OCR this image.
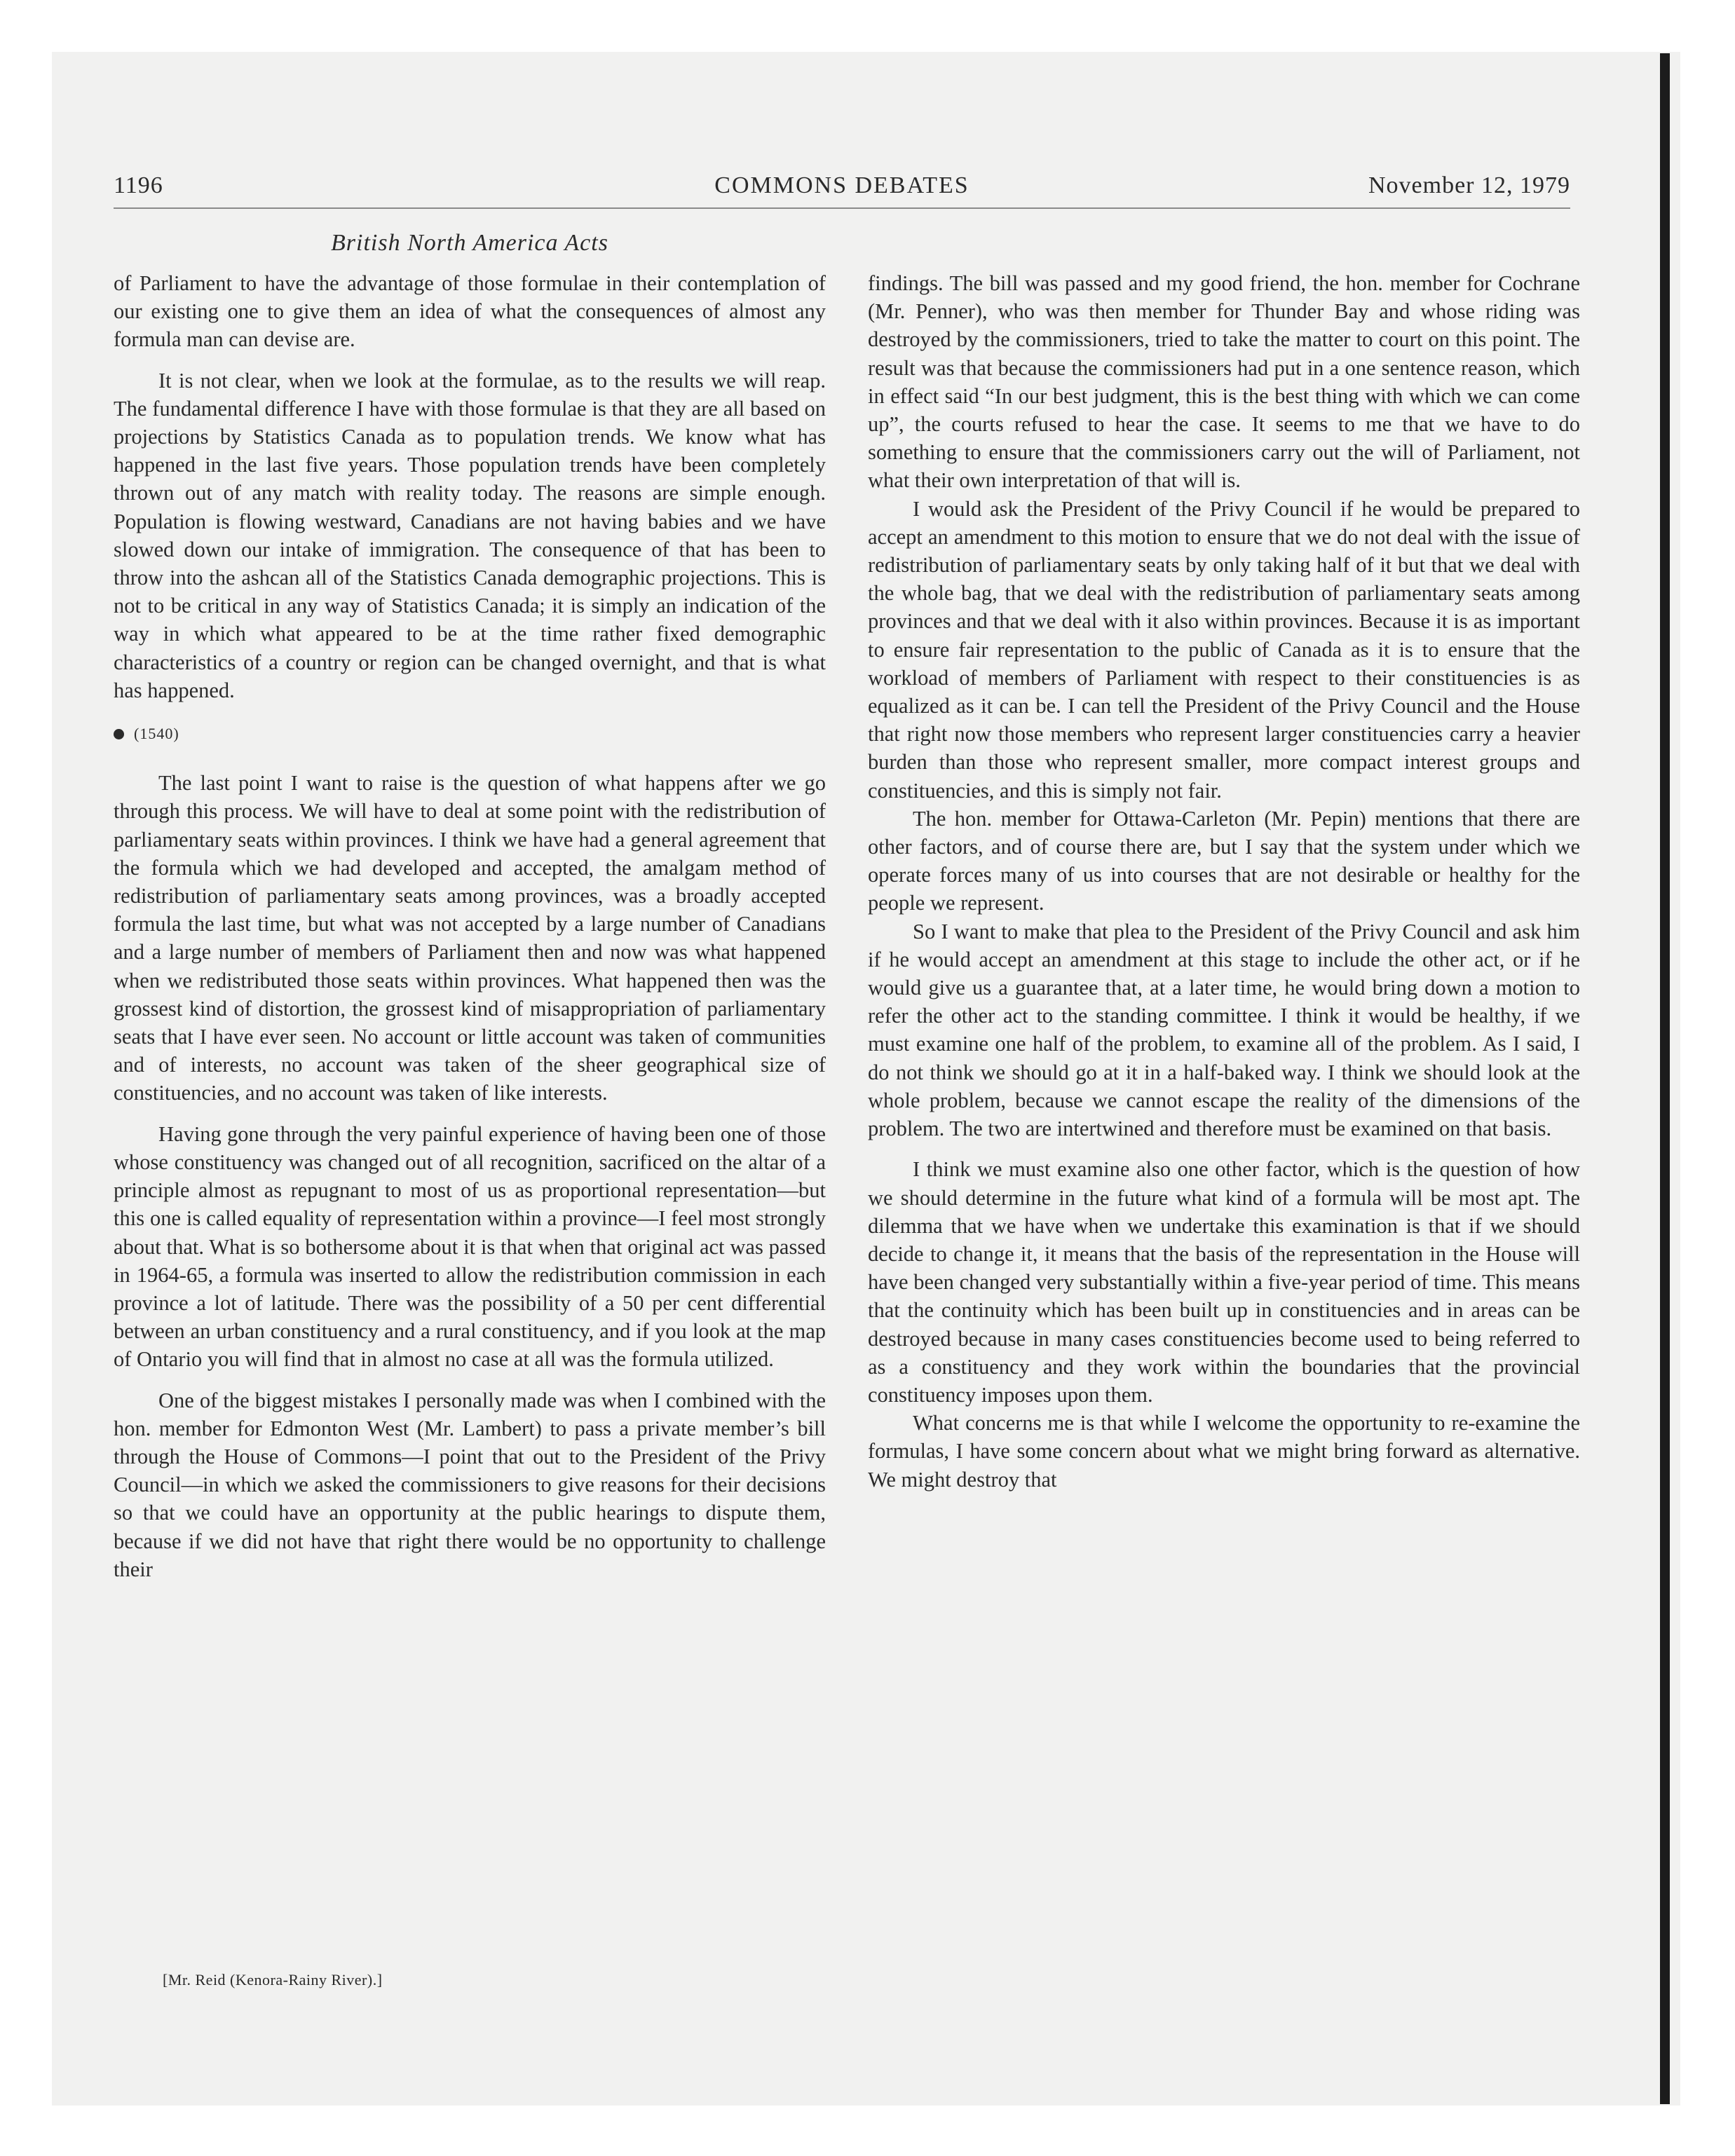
1196	COMMONS DEBATES	November 12, 1979
British North America Acts

of Parliament to have the advantage of those formulae in their contemplation of our existing one to give them an idea of what the consequences of almost any formula man can devise are.

It is not clear, when we look at the formulae, as to the results we will reap. The fundamental difference I have with those formulae is that they are all based on projections by Statistics Canada as to population trends. We know what has happened in the last five years. Those population trends have been completely thrown out of any match with reality today. The reasons are simple enough. Population is flowing westward, Canadians are not having babies and we have slowed down our intake of immigration. The consequence of that has been to throw into the ashcan all of the Statistics Canada demographic projections. This is not to be critical in any way of Statistics Canada; it is simply an indication of the way in which what appeared to be at the time rather fixed demographic characteristics of a country or region can be changed overnight, and that is what has happened.

(1540)

The last point I want to raise is the question of what happens after we go through this process. We will have to deal at some point with the redistribution of parliamentary seats within provinces. I think we have had a general agreement that the formula which we had developed and accepted, the amalgam method of redistribution of parliamentary seats among provinces, was a broadly accepted formula the last time, but what was not accepted by a large number of Canadians and a large number of members of Parliament then and now was what happened when we redistributed those seats within provinces. What happened then was the grossest kind of distortion, the grossest kind of misappropriation of parliamentary seats that I have ever seen. No account or little account was taken of communities and of interests, no account was taken of the sheer geographical size of constituencies, and no account was taken of like interests.

Having gone through the very painful experience of having been one of those whose constituency was changed out of all recognition, sacrificed on the altar of a principle almost as repugnant to most of us as proportional representation—but this one is called equality of representation within a province—I feel most strongly about that. What is so bothersome about it is that when that original act was passed in 1964-65, a formula was inserted to allow the redistribution commission in each province a lot of latitude. There was the possibility of a 50 per cent differential between an urban constituency and a rural constituency, and if you look at the map of Ontario you will find that in almost no case at all was the formula utilized.

One of the biggest mistakes I personally made was when I combined with the hon. member for Edmonton West (Mr. Lambert) to pass a private member’s bill through the House of Commons—I point that out to the President of the Privy Council—in which we asked the commissioners to give reasons for their decisions so that we could have an opportunity at the public hearings to dispute them, because if we did not have that right there would be no opportunity to challenge their

findings. The bill was passed and my good friend, the hon. member for Cochrane (Mr. Penner), who was then member for Thunder Bay and whose riding was destroyed by the commissioners, tried to take the matter to court on this point. The result was that because the commissioners had put in a one sentence reason, which in effect said “In our best judgment, this is the best thing with which we can come up”, the courts refused to hear the case. It seems to me that we have to do something to ensure that the commissioners carry out the will of Parliament, not what their own interpretation of that will is.

I would ask the President of the Privy Council if he would be prepared to accept an amendment to this motion to ensure that we do not deal with the issue of redistribution of parliamentary seats by only taking half of it but that we deal with the whole bag, that we deal with the redistribution of parliamentary seats among provinces and that we deal with it also within provinces. Because it is as important to ensure fair representation to the public of Canada as it is to ensure that the workload of members of Parliament with respect to their constituencies is as equalized as it can be. I can tell the President of the Privy Council and the House that right now those members who represent larger constituencies carry a heavier burden than those who represent smaller, more compact interest groups and constituencies, and this is simply not fair.

The hon. member for Ottawa-Carleton (Mr. Pepin) mentions that there are other factors, and of course there are, but I say that the system under which we operate forces many of us into courses that are not desirable or healthy for the people we represent.

So I want to make that plea to the President of the Privy Council and ask him if he would accept an amendment at this stage to include the other act, or if he would give us a guarantee that, at a later time, he would bring down a motion to refer the other act to the standing committee. I think it would be healthy, if we must examine one half of the problem, to examine all of the problem. As I said, I do not think we should go at it in a half-baked way. I think we should look at the whole problem, because we cannot escape the reality of the dimensions of the problem. The two are intertwined and therefore must be examined on that basis.

I think we must examine also one other factor, which is the question of how we should determine in the future what kind of a formula will be most apt. The dilemma that we have when we undertake this examination is that if we should decide to change it, it means that the basis of the representation in the House will have been changed very substantially within a five-year period of time. This means that the continuity which has been built up in constituencies and in areas can be destroyed because in many cases constituencies become used to being referred to as a constituency and they work within the boundaries that the provincial constituency imposes upon them.

What concerns me is that while I welcome the opportunity to re-examine the formulas, I have some concern about what we might bring forward as alternative. We might destroy that

[Mr. Reid (Kenora-Rainy River).]
